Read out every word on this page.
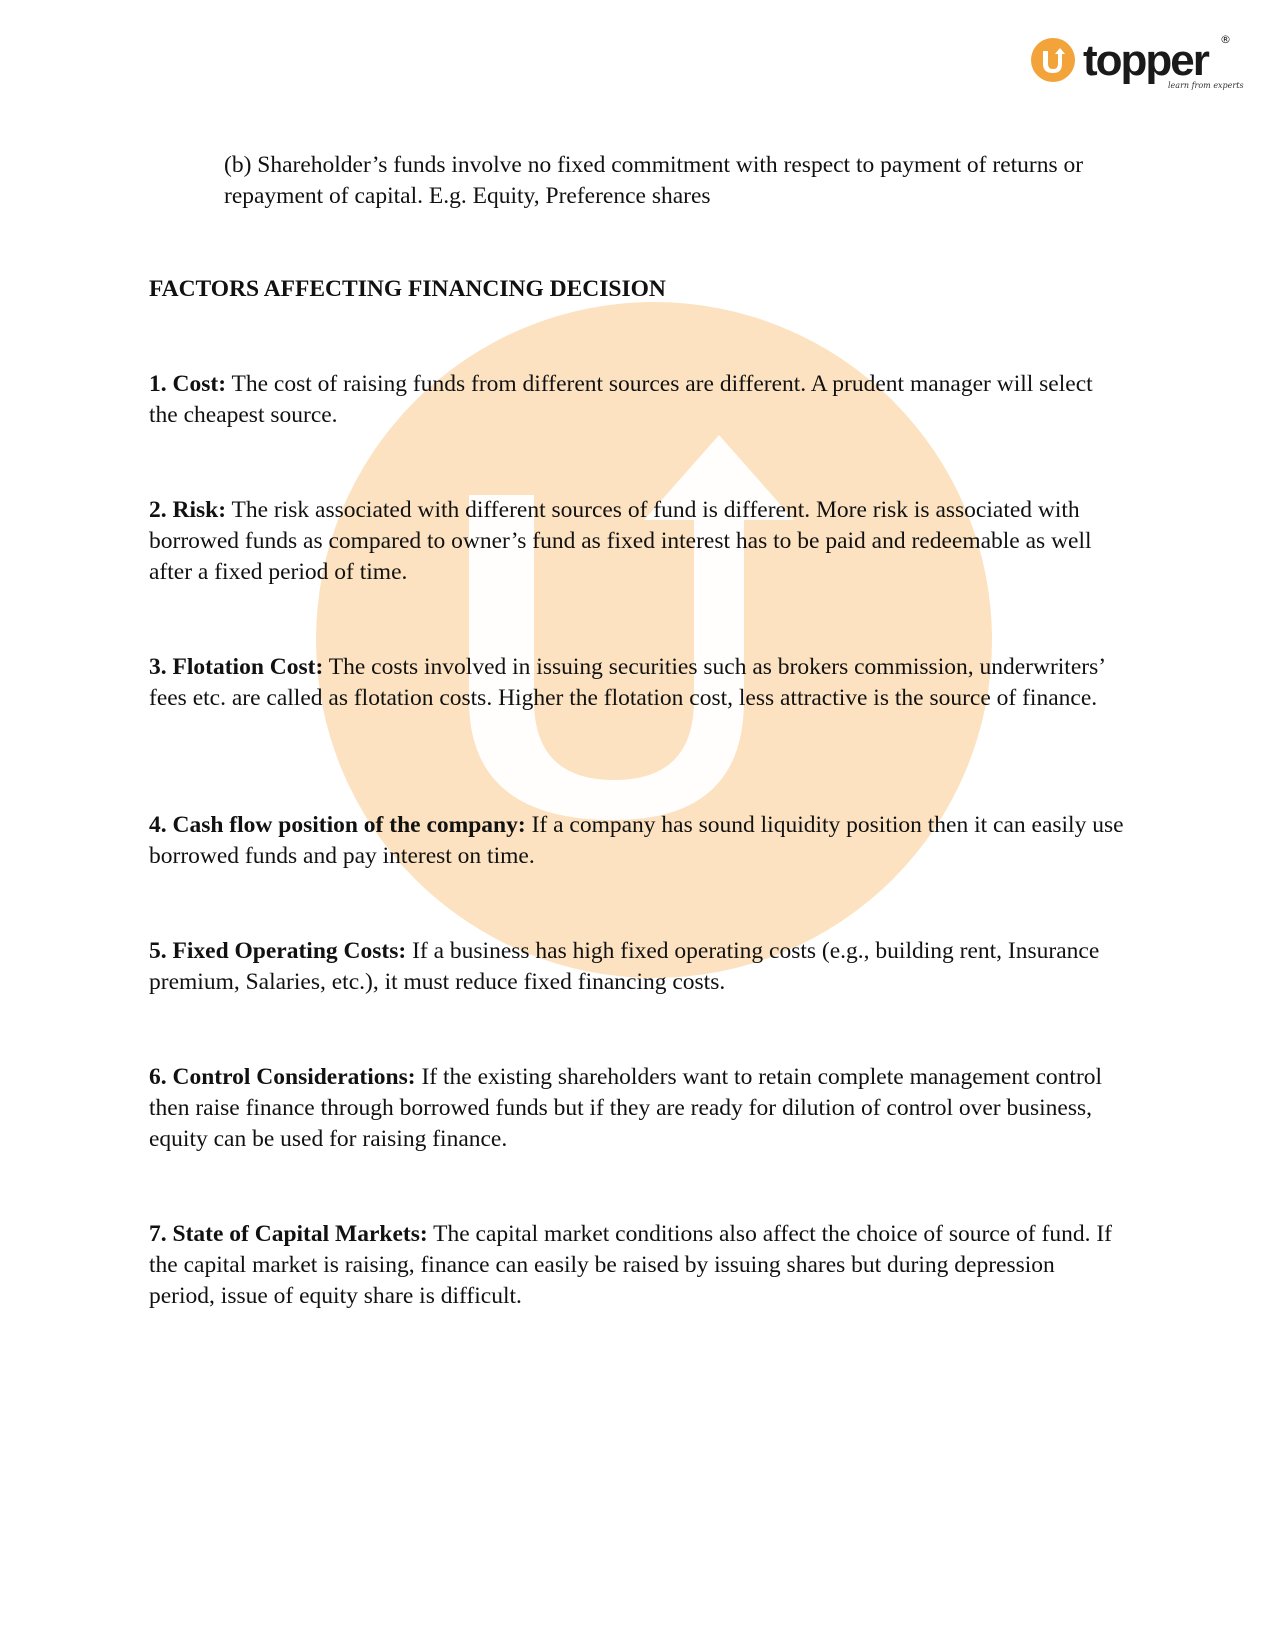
topper ®
learn from experts

(b) Shareholder’s funds involve no fixed commitment with respect to payment of returns or repayment of capital. E.g. Equity, Preference shares

FACTORS AFFECTING FINANCING DECISION

1. Cost: The cost of raising funds from different sources are different. A prudent manager will select the cheapest source.

2. Risk: The risk associated with different sources of fund is different. More risk is associated with borrowed funds as compared to owner’s fund as fixed interest has to be paid and redeemable as well after a fixed period of time.

3. Flotation Cost: The costs involved in issuing securities such as brokers commission, underwriters’ fees etc. are called as flotation costs. Higher the flotation cost, less attractive is the source of finance.

4. Cash flow position of the company: If a company has sound liquidity position then it can easily use borrowed funds and pay interest on time.

5. Fixed Operating Costs: If a business has high fixed operating costs (e.g., building rent, Insurance premium, Salaries, etc.), it must reduce fixed financing costs.

6. Control Considerations: If the existing shareholders want to retain complete management control then raise finance through borrowed funds but if they are ready for dilution of control over business, equity can be used for raising finance.

7. State of Capital Markets: The capital market conditions also affect the choice of source of fund. If the capital market is raising, finance can easily be raised by issuing shares but during depression period, issue of equity share is difficult.
